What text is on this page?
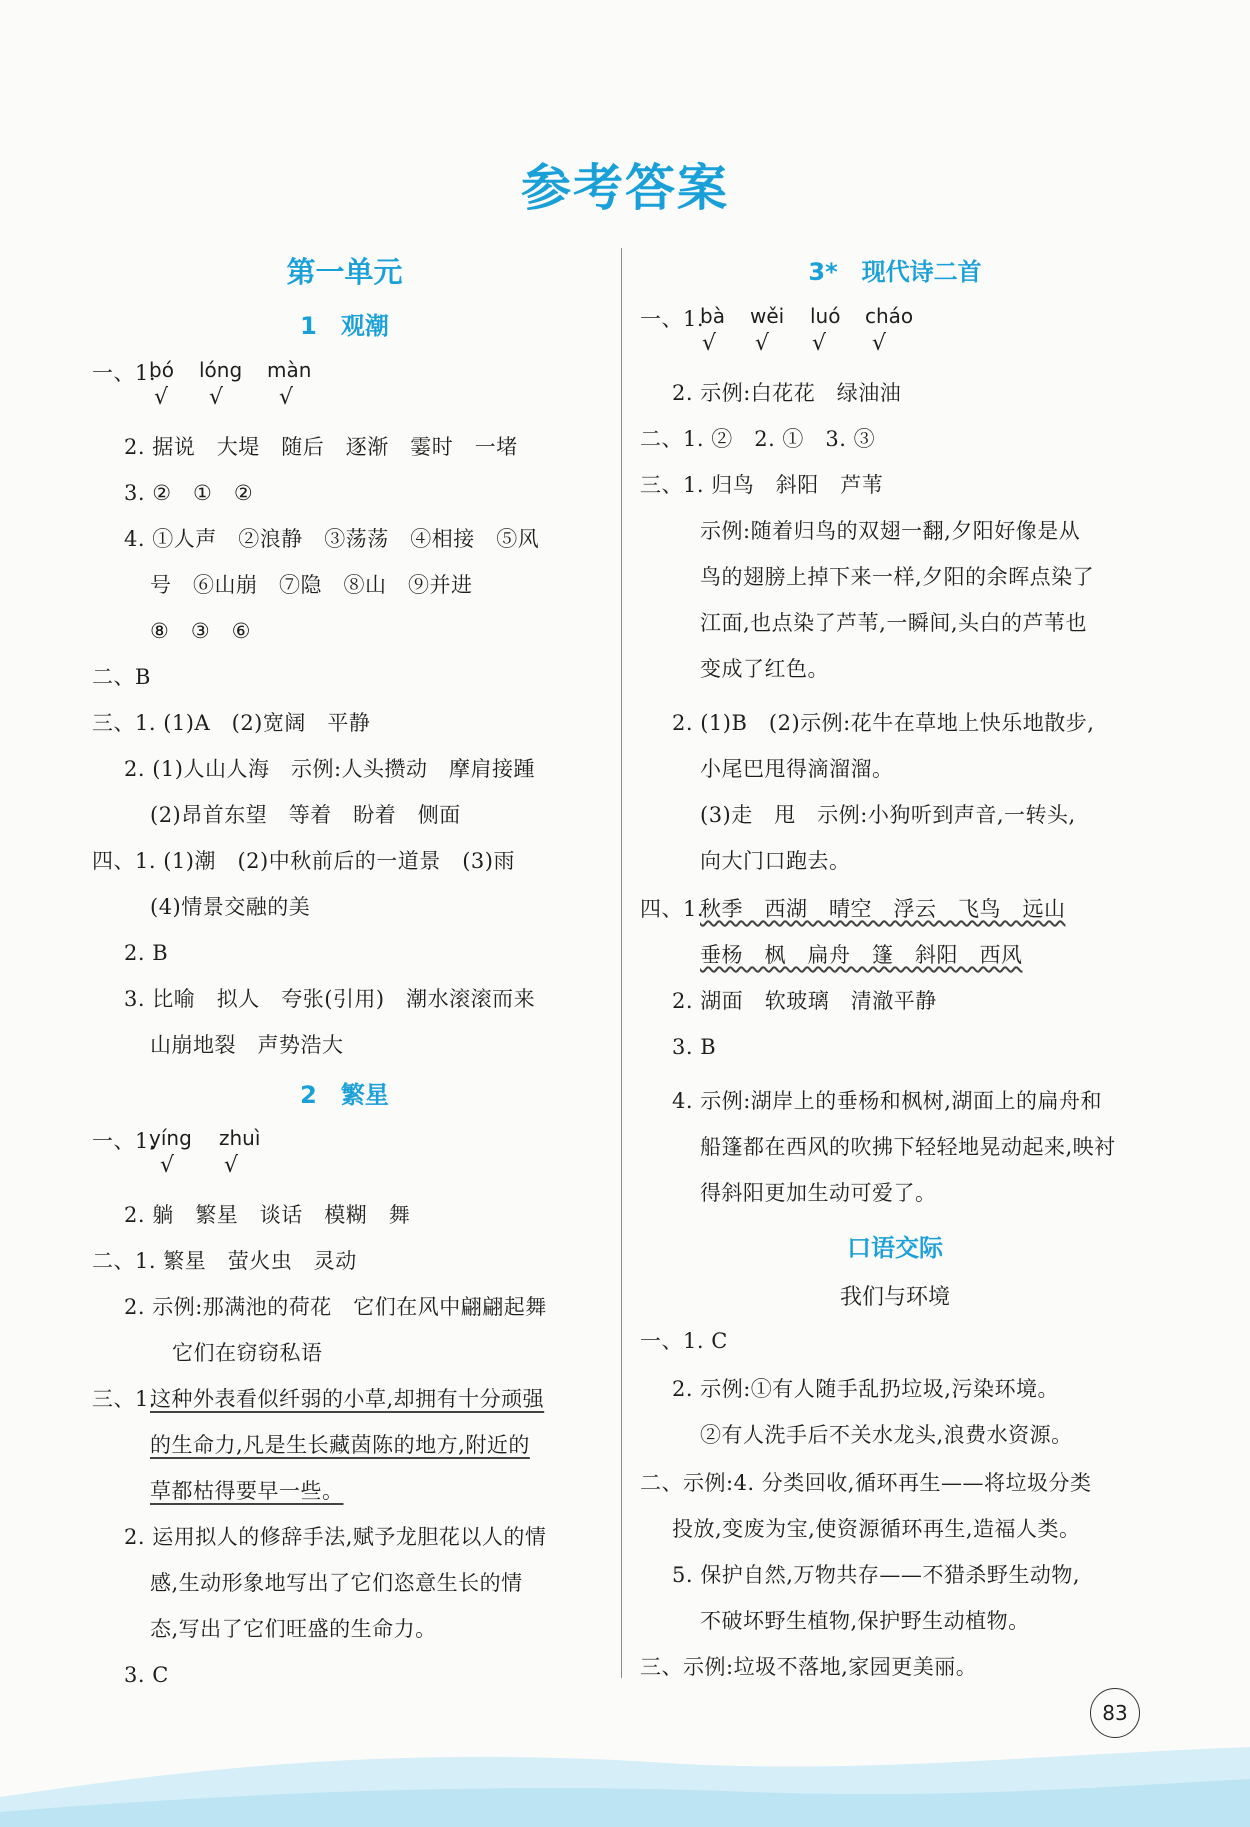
参考答案
第一单元
1　观潮
一、1.
bó lóng màn
√ √	√
2. 据说　大堤　随后　逐渐　霎时　一堵
3. ②　①　②
4. ①人声　②浪静　③荡荡　④相接　⑤风
号　⑥山崩　⑦隐　⑧山　⑨并进
⑧　③　⑥
二、B
三、1. (1)A　(2)宽阔　平静
2. (1)人山人海　示例:人头攒动　摩肩接踵
(2)昂首东望　等着　盼着　侧面
四、1. (1)潮　(2)中秋前后的一道景　(3)雨
(4)情景交融的美
2. B
3. 比喻　拟人　夸张(引用)　潮水滚滚而来
山崩地裂　声势浩大
2　繁星
一、1.
yíng zhuì
√ √
2. 躺　繁星　谈话　模糊　舞
二、1. 繁星　萤火虫　灵动
2. 示例:那满池的荷花　它们在风中翩翩起舞
它们在窃窃私语
三、1.
这种外表看似纤弱的小草,却拥有十分顽强
的生命力,凡是生长藏茵陈的地方,附近的
草都枯得要早一些。
2. 运用拟人的修辞手法,赋予龙胆花以人的情
感,生动形象地写出了它们恣意生长的情
态,写出了它们旺盛的生命力。
3. C
3*　现代诗二首
一、1.
bà wěi luó cháo
√ √ √ √
2. 示例:白花花　绿油油
二、1. ②　2. ①　3. ③
三、1. 归鸟　斜阳　芦苇
示例:随着归鸟的双翅一翻,夕阳好像是从
鸟的翅膀上掉下来一样,夕阳的余晖点染了
江面,也点染了芦苇,一瞬间,头白的芦苇也
变成了红色。
2. (1)B　(2)示例:花牛在草地上快乐地散步,
小尾巴甩得滴溜溜。
(3)走　甩　示例:小狗听到声音,一转头,
向大门口跑去。
四、1.
秋季　西湖　晴空　浮云　飞鸟　远山
垂杨　枫　扁舟　篷　斜阳　西风
2. 湖面　软玻璃　清澈平静
3. B
4. 示例:湖岸上的垂杨和枫树,湖面上的扁舟和
船篷都在西风的吹拂下轻轻地晃动起来,映衬
得斜阳更加生动可爱了。
口语交际
我们与环境
一、1. C
2. 示例:①有人随手乱扔垃圾,污染环境。
②有人洗手后不关水龙头,浪费水资源。
二、示例:4. 分类回收,循环再生——将垃圾分类
投放,变废为宝,使资源循环再生,造福人类。
5. 保护自然,万物共存——不猎杀野生动物,
不破坏野生植物,保护野生动植物。
三、示例:垃圾不落地,家园更美丽。
83
